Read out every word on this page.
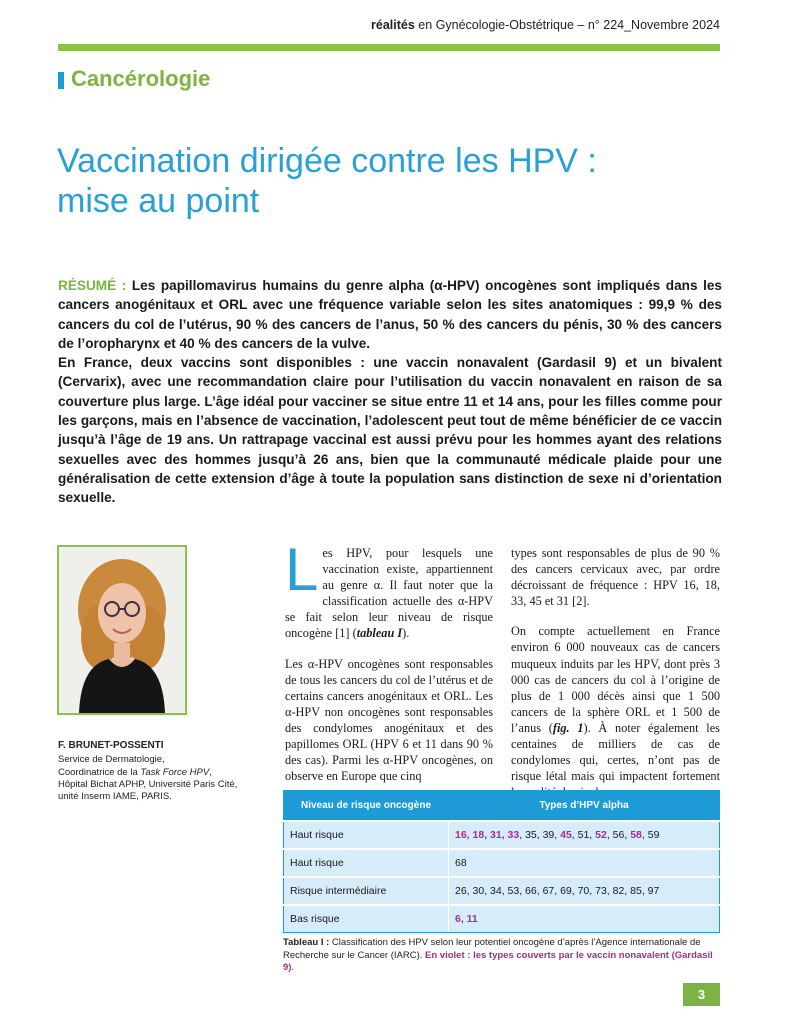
réalités en Gynécologie-Obstétrique – n° 224_Novembre 2024
Cancérologie
Vaccination dirigée contre les HPV :
mise au point

RÉSUMÉ : Les papillomavirus humains du genre alpha (α-HPV) oncogènes sont impliqués dans les cancers anogénitaux et ORL avec une fréquence variable selon les sites anatomiques : 99,9 % des cancers du col de l’utérus, 90 % des cancers de l’anus, 50 % des cancers du pénis, 30 % des cancers de l’oropharynx et 40 % des cancers de la vulve.

En France, deux vaccins sont disponibles : une vaccin nonavalent (Gardasil 9) et un bivalent (Cervarix), avec une recommandation claire pour l’utilisation du vaccin nonavalent en raison de sa couverture plus large. L’âge idéal pour vacciner se situe entre 11 et 14 ans, pour les filles comme pour les garçons, mais en l’absence de vaccination, l’adolescent peut tout de même bénéficier de ce vaccin jusqu’à l’âge de 19 ans. Un rattrapage vaccinal est aussi prévu pour les hommes ayant des relations sexuelles avec des hommes jusqu’à 26 ans, bien que la communauté médicale plaide pour une généralisation de cette extension d’âge à toute la population sans distinction de sexe ni d’orientation sexuelle.

F. BRUNET-POSSENTI
Service de Dermatologie,
Coordinatrice de la Task Force HPV,
Hôpital Bichat APHP, Université Paris Cité,
unité Inserm IAME, PARIS.

Les HPV, pour lesquels une vaccination existe, appartiennent au genre α. Il faut noter que la classification actuelle des α-HPV se fait selon leur niveau de risque oncogène [1] (tableau I).

Les α-HPV oncogènes sont responsables de tous les cancers du col de l’utérus et de certains cancers anogénitaux et ORL. Les α-HPV non oncogènes sont responsables des condylomes anogénitaux et des papillomes ORL (HPV 6 et 11 dans 90 % des cas). Parmi les α-HPV oncogènes, on observe en Europe que cinq

types sont responsables de plus de 90 % des cancers cervicaux avec, par ordre décroissant de fréquence : HPV 16, 18, 33, 45 et 31 [2].

On compte actuellement en France environ 6 000 nouveaux cas de cancers muqueux induits par les HPV, dont près 3 000 cas de cancers du col à l’origine de plus de 1 000 décès ainsi que 1 500 cancers de la sphère ORL et 1 500 de l’anus (fig. 1). À noter également les centaines de milliers de cas de condylomes qui, certes, n’ont pas de risque létal mais qui impactent fortement

Niveau de risque oncogène	Types d’HPV alpha
Haut risque	16, 18, 31, 33, 35, 39, 45, 51, 52, 56, 58, 59
Haut risque	68
Risque intermédiaire	26, 30, 34, 53, 66, 67, 69, 70, 73, 82, 85, 97
Bas risque	6, 11
Tableau I : Classification des HPV selon leur potentiel oncogène d’après l’Agence internationale de Recherche sur le Cancer (IARC). En violet : les types couverts par le vaccin nonavalent (Gardasil 9).
3
